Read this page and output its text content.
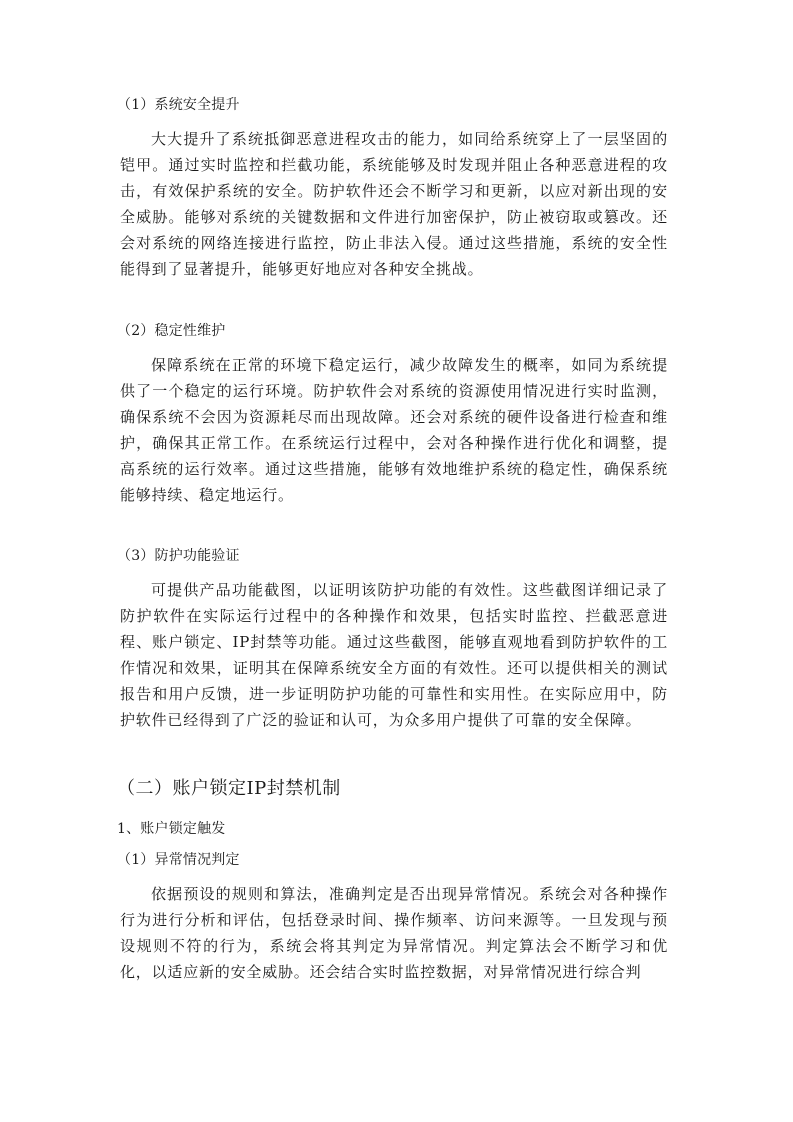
（1）系统安全提升

大大提升了系统抵御恶意进程攻击的能力，如同给系统穿上了一层坚固的铠甲。通过实时监控和拦截功能，系统能够及时发现并阻止各种恶意进程的攻击，有效保护系统的安全。防护软件还会不断学习和更新，以应对新出现的安全威胁。能够对系统的关键数据和文件进行加密保护，防止被窃取或篡改。还会对系统的网络连接进行监控，防止非法入侵。通过这些措施，系统的安全性能得到了显著提升，能够更好地应对各种安全挑战。

（2）稳定性维护

保障系统在正常的环境下稳定运行，减少故障发生的概率，如同为系统提供了一个稳定的运行环境。防护软件会对系统的资源使用情况进行实时监测，确保系统不会因为资源耗尽而出现故障。还会对系统的硬件设备进行检查和维护，确保其正常工作。在系统运行过程中，会对各种操作进行优化和调整，提高系统的运行效率。通过这些措施，能够有效地维护系统的稳定性，确保系统能够持续、稳定地运行。

（3）防护功能验证

可提供产品功能截图，以证明该防护功能的有效性。这些截图详细记录了防护软件在实际运行过程中的各种操作和效果，包括实时监控、拦截恶意进程、账户锁定、IP封禁等功能。通过这些截图，能够直观地看到防护软件的工作情况和效果，证明其在保障系统安全方面的有效性。还可以提供相关的测试报告和用户反馈，进一步证明防护功能的可靠性和实用性。在实际应用中，防护软件已经得到了广泛的验证和认可，为众多用户提供了可靠的安全保障。

（二）账户锁定IP封禁机制
1、账户锁定触发
（1）异常情况判定

依据预设的规则和算法，准确判定是否出现异常情况。系统会对各种操作行为进行分析和评估，包括登录时间、操作频率、访问来源等。一旦发现与预设规则不符的行为，系统会将其判定为异常情况。判定算法会不断学习和优化，以适应新的安全威胁。还会结合实时监控数据，对异常情况进行综合判
